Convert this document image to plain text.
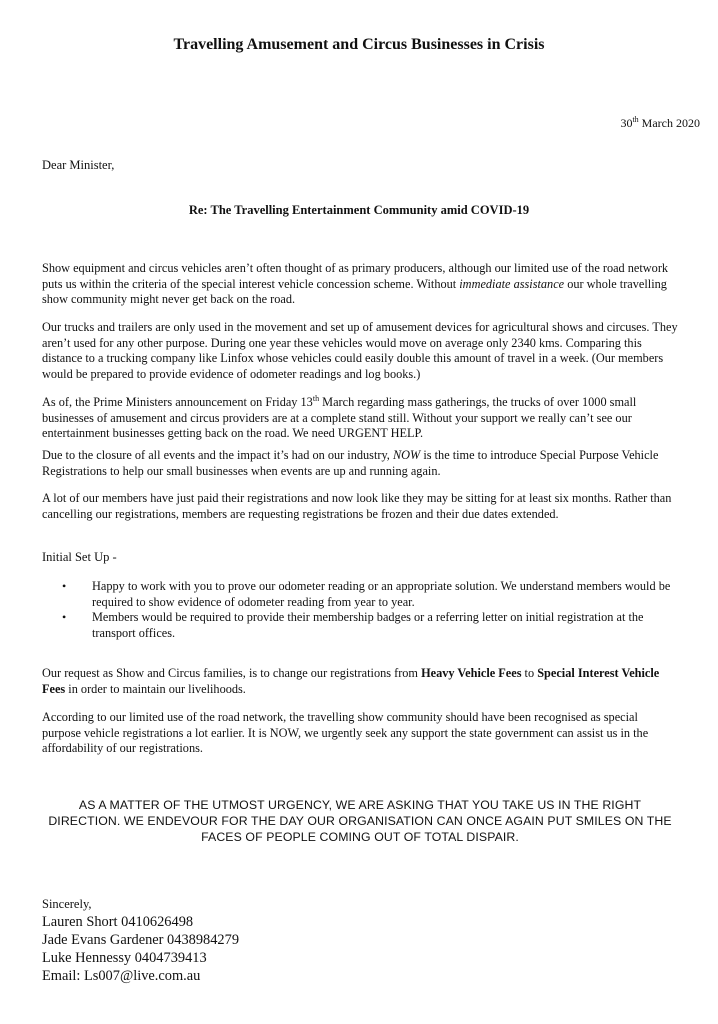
Travelling Amusement and Circus Businesses in Crisis
30th March 2020
Dear Minister,
Re: The Travelling Entertainment Community amid COVID-19

Show equipment and circus vehicles aren’t often thought of as primary producers, although our limited use of the road network puts us within the criteria of the special interest vehicle concession scheme. Without immediate assistance our whole travelling show community might never get back on the road.

Our trucks and trailers are only used in the movement and set up of amusement devices for agricultural shows and circuses. They aren’t used for any other purpose. During one year these vehicles would move on average only 2340 kms. Comparing this distance to a trucking company like Linfox whose vehicles could easily double this amount of travel in a week. (Our members would be prepared to provide evidence of odometer readings and log books.)

As of, the Prime Ministers announcement on Friday 13th March regarding mass gatherings, the trucks of over 1000 small businesses of amusement and circus providers are at a complete stand still. Without your support we really can’t see our entertainment businesses getting back on the road. We need URGENT HELP.

Due to the closure of all events and the impact it’s had on our industry, NOW is the time to introduce Special Purpose Vehicle Registrations to help our small businesses when events are up and running again.

A lot of our members have just paid their registrations and now look like they may be sitting for at least six months. Rather than cancelling our registrations, members are requesting registrations be frozen and their due dates extended.

Initial Set Up -
• Happy to work with you to prove our odometer reading or an appropriate solution. We understand members would be required to show evidence of odometer reading from year to year.
• Members would be required to provide their membership badges or a referring letter on initial registration at the transport offices.

Our request as Show and Circus families, is to change our registrations from Heavy Vehicle Fees to Special Interest Vehicle Fees in order to maintain our livelihoods.

According to our limited use of the road network, the travelling show community should have been recognised as special purpose vehicle registrations a lot earlier. It is NOW, we urgently seek any support the state government can assist us in the affordability of our registrations.

AS A MATTER OF THE UTMOST URGENCY, WE ARE ASKING THAT YOU TAKE US IN THE RIGHT DIRECTION. WE ENDEVOUR FOR THE DAY OUR ORGANISATION CAN ONCE AGAIN PUT SMILES ON THE FACES OF PEOPLE COMING OUT OF TOTAL DISPAIR.

Sincerely,
Lauren Short 0410626498
Jade Evans Gardener 0438984279
Luke Hennessy 0404739413
Email: Ls007@live.com.au
